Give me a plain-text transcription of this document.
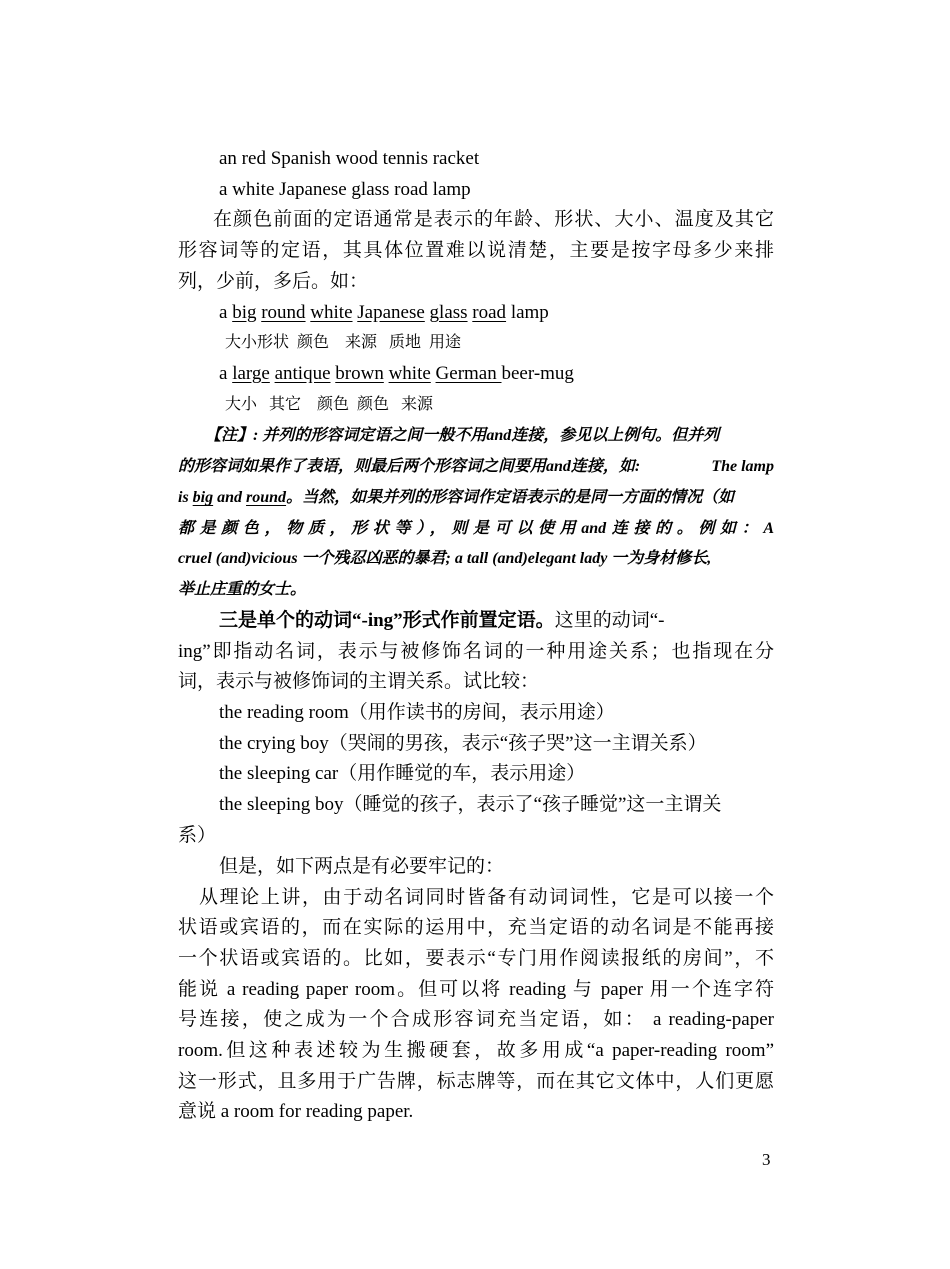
an red Spanish wood tennis racket
a white Japanese glass road lamp
在颜色前面的定语通常是表示的年龄、形状、大小、温度及其它
形容词等的定语，其具体位置难以说清楚，主要是按字母多少来排
列，少前，多后。如：
a big round white Japanese glass road lamp
大小形状  颜色    来源   质地  用途
a large antique brown white German beer-mug
大小   其它    颜色  颜色   来源
【注】: 并列的形容词定语之间一般不用and连接，参见以上例句。但并列
的形容词如果作了表语，则最后两个形容词之间要用and连接，如:	The lamp
is big and round。当然，如果并列的形容词作定语表示的是同一方面的情况（如
都是颜色，物质，形状等），则是可以使用and连接的。例如：A
cruel (and)vicious 一个残忍凶恶的暴君; a tall (and)elegant lady 一为身材修长,
举止庄重的女士。
三是单个的动词“-ing”形式作前置定语。这里的动词“-
ing”即指动名词，表示与被修饰名词的一种用途关系；也指现在分
词，表示与被修饰词的主谓关系。试比较：
the reading room（用作读书的房间，表示用途）
the crying boy（哭闹的男孩，表示“孩子哭”这一主谓关系）
the sleeping car（用作睡觉的车，表示用途）
the sleeping boy（睡觉的孩子，表示了“孩子睡觉”这一主谓关
系）
但是，如下两点是有必要牢记的：
从理论上讲，由于动名词同时皆备有动词词性，它是可以接一个
状语或宾语的，而在实际的运用中，充当定语的动名词是不能再接
一个状语或宾语的。比如，要表示“专门用作阅读报纸的房间”，不
能说 a reading paper room。但可以将 reading 与 paper 用一个连字符
号连接，使之成为一个合成形容词充当定语，如： a reading-paper
room.但这种表述较为生搬硬套，故多用成“a paper-reading room”
这一形式，且多用于广告牌，标志牌等，而在其它文体中，人们更愿
意说 a room for reading paper.
3
